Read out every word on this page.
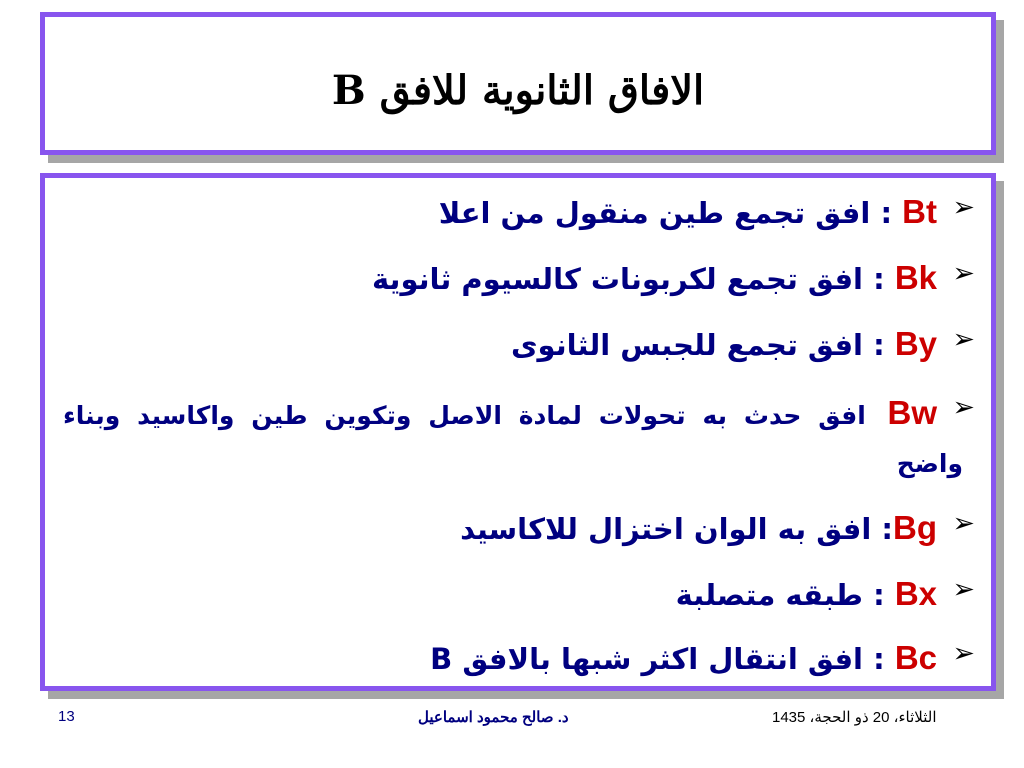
الافاق الثانوية للافق B
➢
Bt : افق تجمع طين منقول من اعلا
➢
Bk : افق تجمع لكربونات كالسيوم ثانوية
➢
By : افق تجمع للجبس الثانوى
➢
Bw  افق حدث به تحولات لمادة الاصل وتكوين طين واكاسيد وبناء واضح
➢
Bg: افق به الوان اختزال للاكاسيد
➢
Bx : طبقه متصلبة
➢
Bc : افق انتقال اكثر شبها بالافق B
الثلاثاء، 20 ذو الحجة، 1435
د. صالح محمود اسماعيل
13
